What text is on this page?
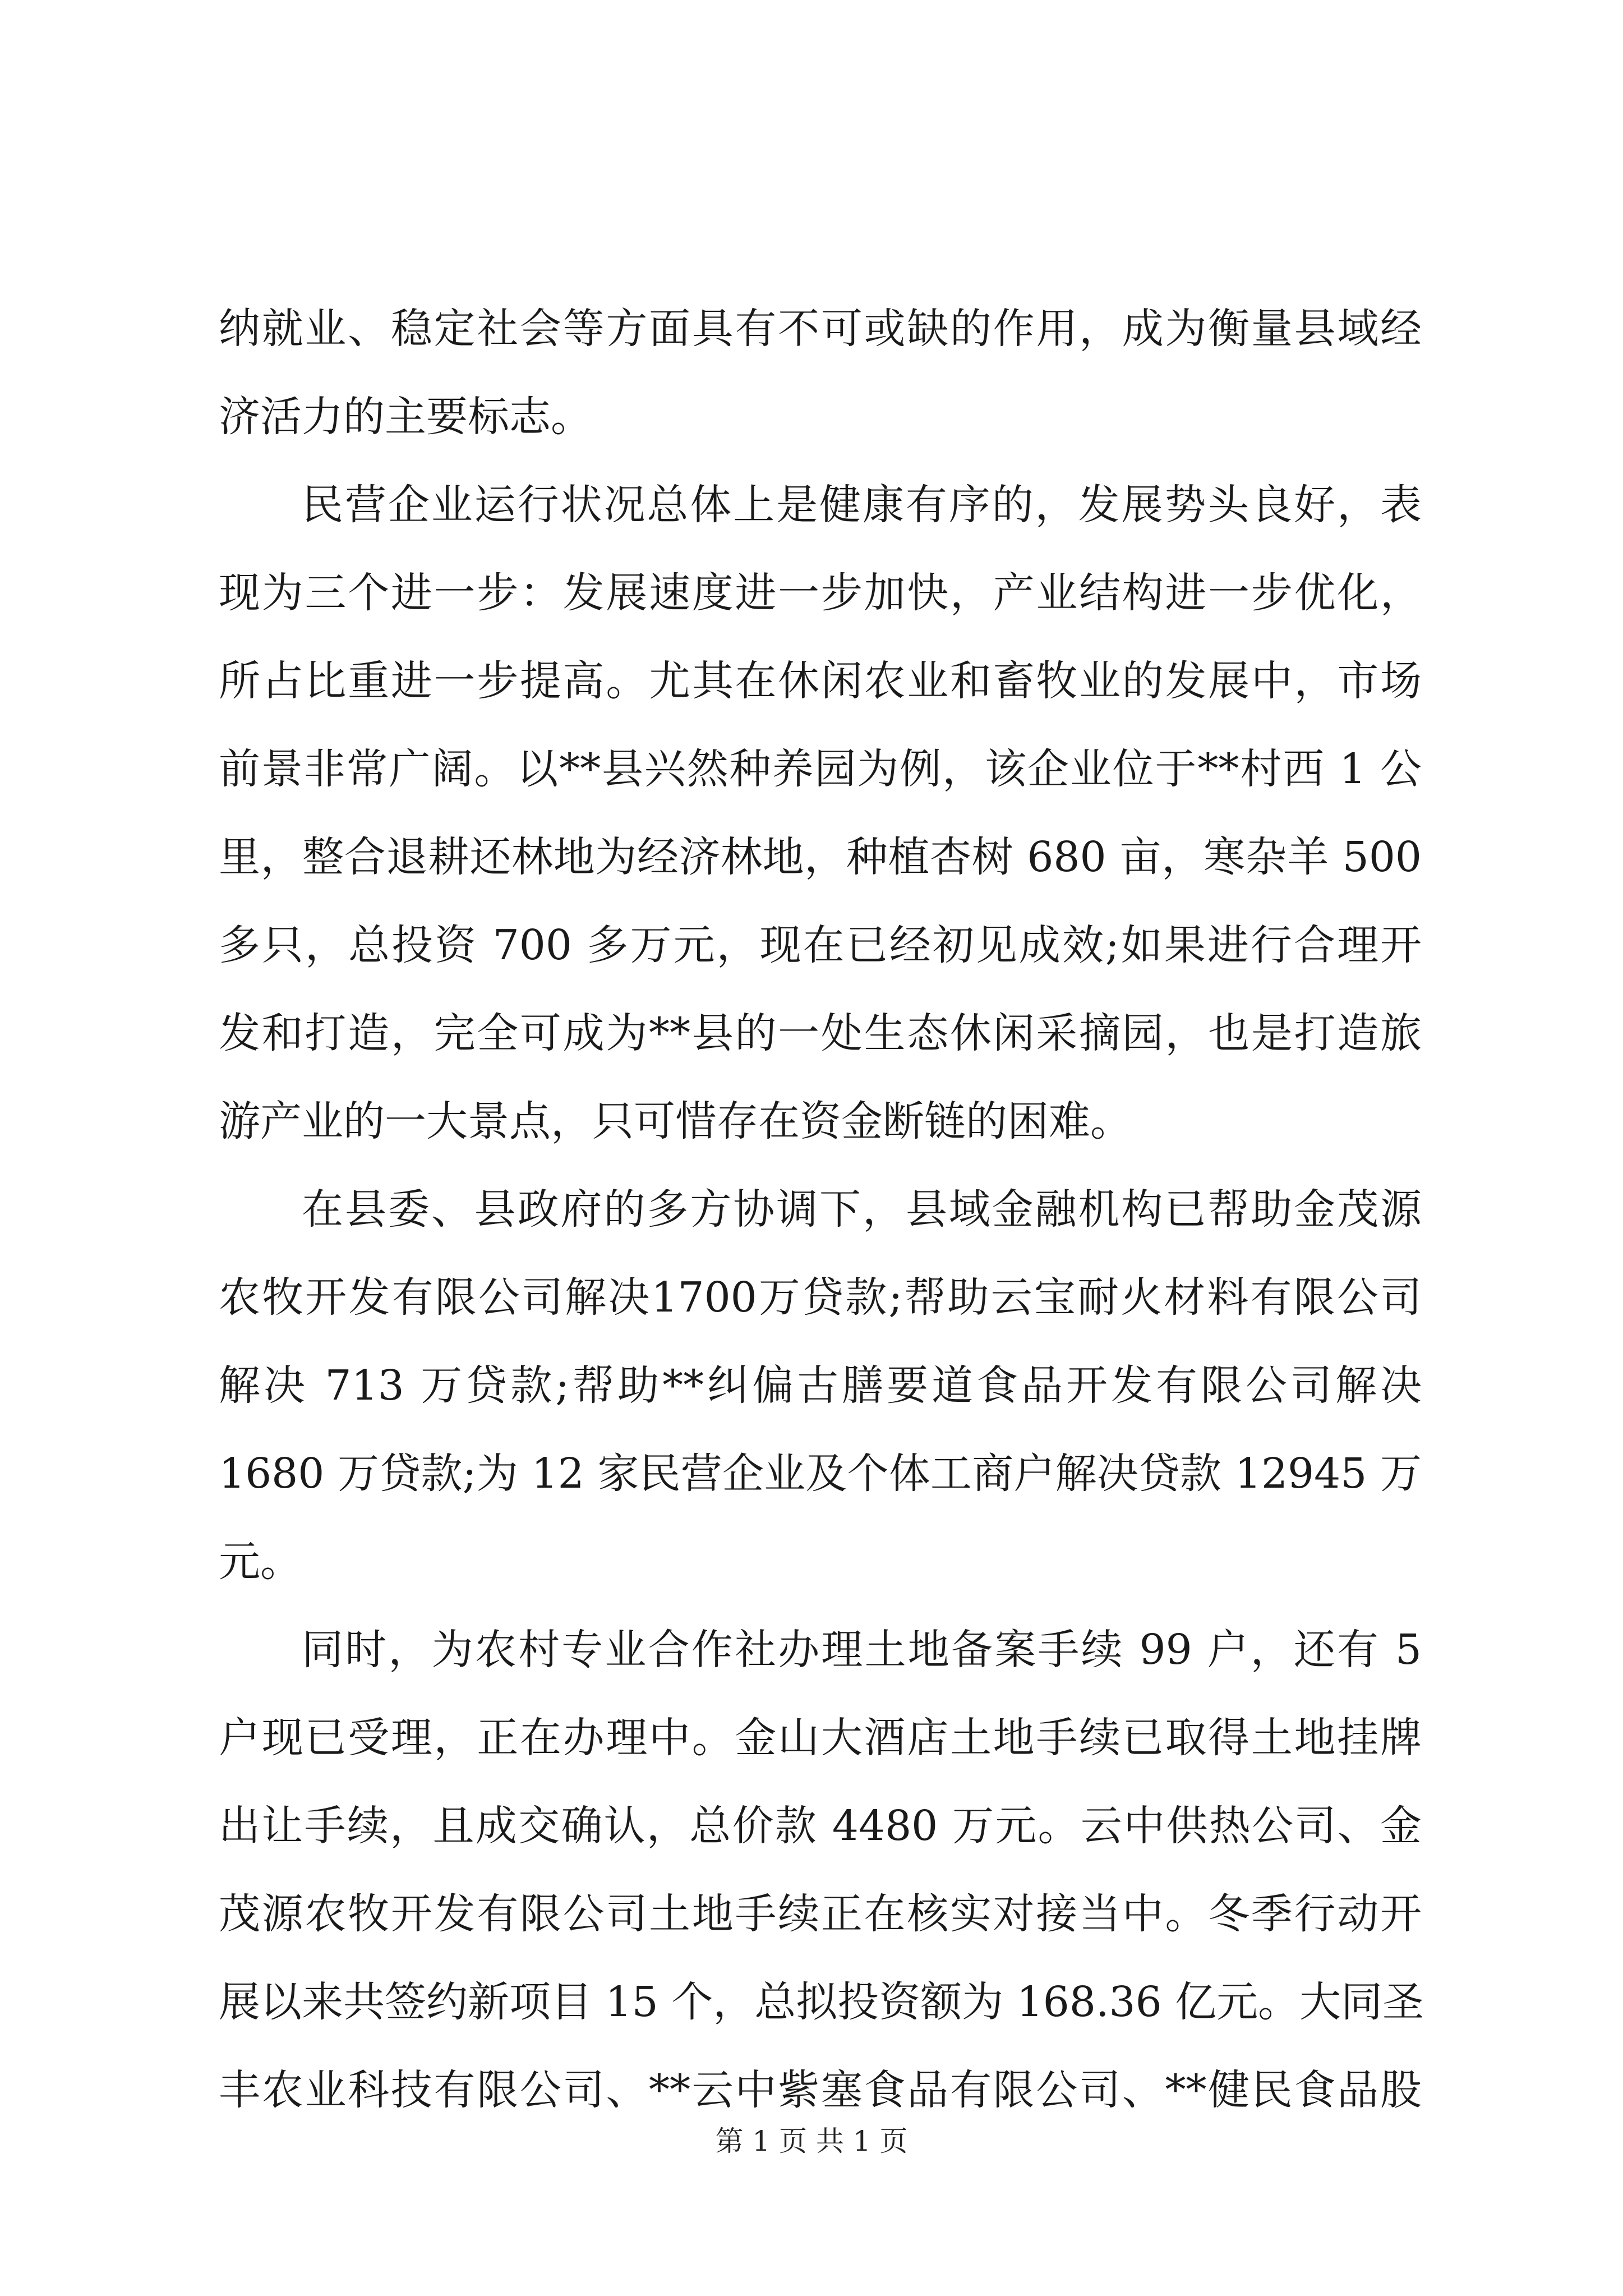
纳就业、稳定社会等方面具有不可或缺的作用，成为衡量县域经
济活力的主要标志。
民营企业运行状况总体上是健康有序的，发展势头良好，表
现为三个进一步：发展速度进一步加快，产业结构进一步优化，
所占比重进一步提高。尤其在休闲农业和畜牧业的发展中，市场
前景非常广阔。以**县兴然种养园为例，该企业位于**村西 1 公
里，整合退耕还林地为经济林地，种植杏树 680 亩，寒杂羊 500
多只，总投资 700 多万元，现在已经初见成效;如果进行合理开
发和打造，完全可成为**县的一处生态休闲采摘园，也是打造旅
游产业的一大景点，只可惜存在资金断链的困难。
在县委、县政府的多方协调下，县域金融机构已帮助金茂源
农牧开发有限公司解决1700万贷款;帮助云宝耐火材料有限公司
解决 713 万贷款;帮助**纠偏古膳要道食品开发有限公司解决
1680 万贷款;为 12 家民营企业及个体工商户解决贷款 12945 万
元。
同时，为农村专业合作社办理土地备案手续 99 户，还有 5
户现已受理，正在办理中。金山大酒店土地手续已取得土地挂牌
出让手续，且成交确认，总价款 4480 万元。云中供热公司、金
茂源农牧开发有限公司土地手续正在核实对接当中。冬季行动开
展以来共签约新项目 15 个，总拟投资额为 168.36 亿元。大同圣
丰农业科技有限公司、**云中紫塞食品有限公司、**健民食品股
第 1 页 共 1 页
